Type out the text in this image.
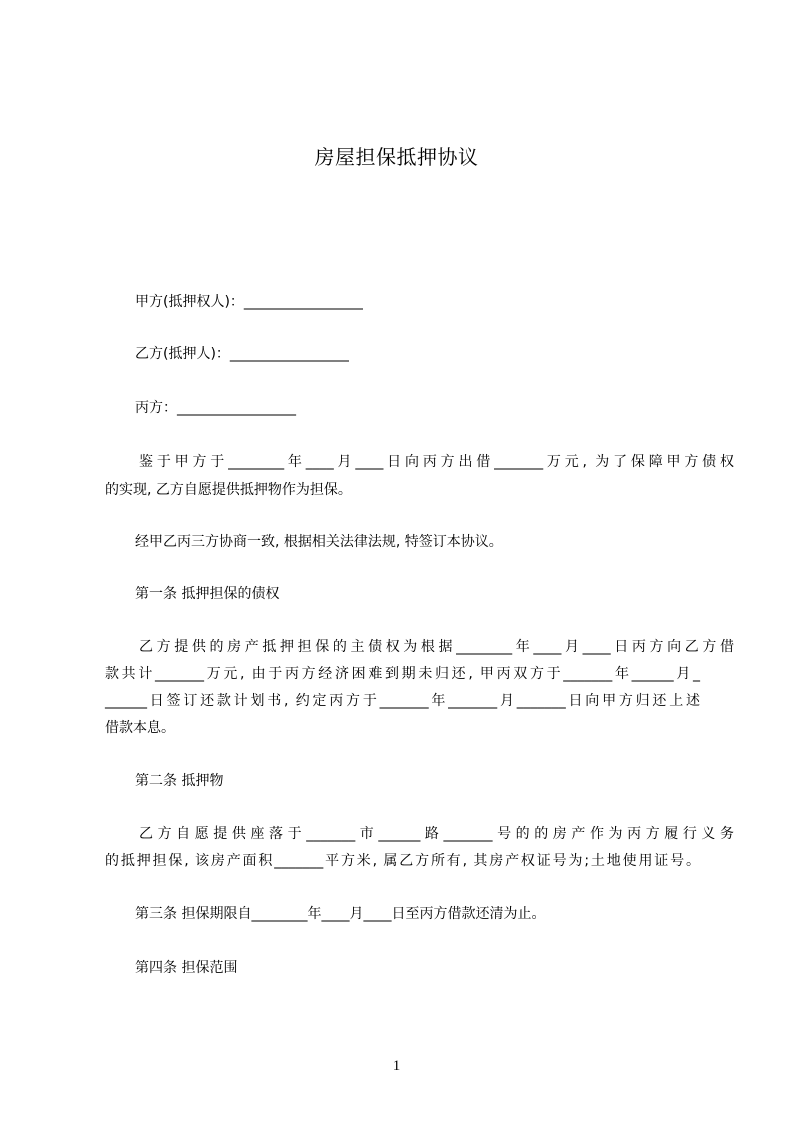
房屋担保抵押协议
甲方(抵押权人)：_________________
乙方(抵押人)：_________________
丙方：_________________
鉴于甲方于________年____月____日向丙方出借_______万元, 为了保障甲方债权
的实现, 乙方自愿提供抵押物作为担保。
经甲乙丙三方协商一致, 根据相关法律法规, 特签订本协议。
第一条 抵押担保的债权
乙方提供的房产抵押担保的主债权为根据________年____月____日丙方向乙方借
款共计_______万元, 由于丙方经济困难到期未归还, 甲丙双方于_______年______月_
______日签订还款计划书, 约定丙方于_______年_______月_______日向甲方归还上述
借款本息。
第二条 抵押物
乙方自愿提供座落于_______市______路_______号的的房产作为丙方履行义务
的抵押担保, 该房产面积_______平方米, 属乙方所有, 其房产权证号为;土地使用证号。
第三条 担保期限自________年____月____日至丙方借款还清为止。
第四条 担保范围
1
